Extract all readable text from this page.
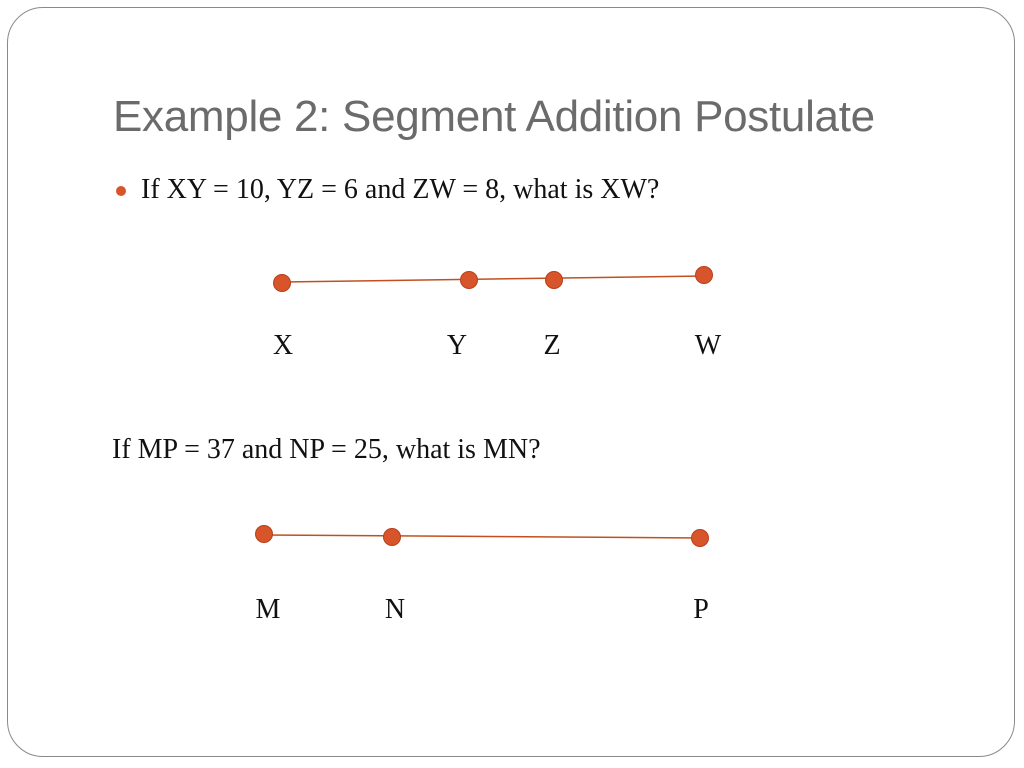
Example 2: Segment Addition Postulate
If XY = 10, YZ = 6 and ZW = 8, what is XW?
If MP = 37 and NP = 25, what is MN?
X	Y	Z	W
M	N	P
